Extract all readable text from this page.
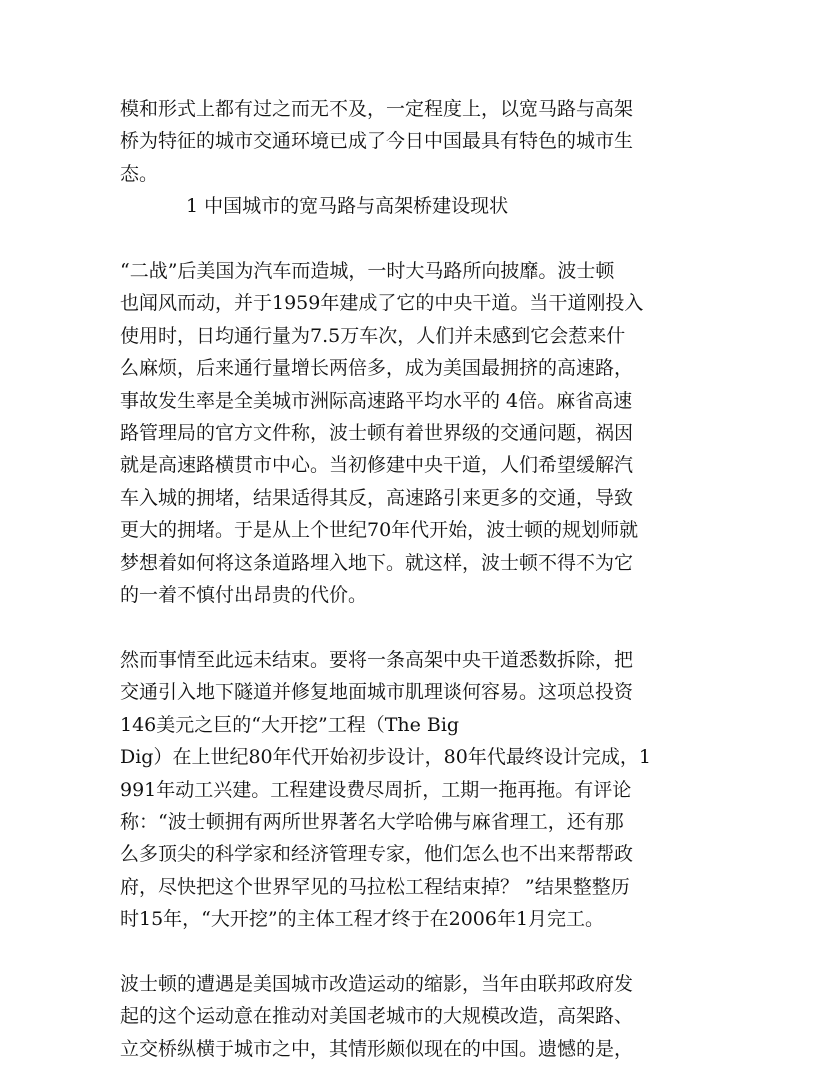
模和形式上都有过之而无不及，一定程度上，以宽马路与高架
桥为特征的城市交通环境已成了今日中国最具有特色的城市生
态。
1 中国城市的宽马路与高架桥建设现状
“二战”后美国为汽车而造城，一时大马路所向披靡。波士顿
也闻风而动，并于1959年建成了它的中央干道。当干道刚投入
使用时，日均通行量为7.5万车次，人们并未感到它会惹来什
么麻烦，后来通行量增长两倍多，成为美国最拥挤的高速路，
事故发生率是全美城市洲际高速路平均水平的 4倍。麻省高速
路管理局的官方文件称，波士顿有着世界级的交通问题，祸因
就是高速路横贯市中心。当初修建中央干道，人们希望缓解汽
车入城的拥堵，结果适得其反，高速路引来更多的交通，导致
更大的拥堵。于是从上个世纪70年代开始，波士顿的规划师就
梦想着如何将这条道路埋入地下。就这样，波士顿不得不为它
的一着不慎付出昂贵的代价。
然而事情至此远未结束。要将一条高架中央干道悉数拆除，把
交通引入地下隧道并修复地面城市肌理谈何容易。这项总投资
146美元之巨的“大开挖”工程（The Big
Dig）在上世纪80年代开始初步设计，80年代最终设计完成，1
991年动工兴建。工程建设费尽周折，工期一拖再拖。有评论
称：“波士顿拥有两所世界著名大学哈佛与麻省理工，还有那
么多顶尖的科学家和经济管理专家，他们怎么也不出来帮帮政
府，尽快把这个世界罕见的马拉松工程结束掉？ ”结果整整历
时15年，“大开挖”的主体工程才终于在2006年1月完工。
波士顿的遭遇是美国城市改造运动的缩影，当年由联邦政府发
起的这个运动意在推动对美国老城市的大规模改造，高架路、
立交桥纵横于城市之中，其情形颇似现在的中国。遗憾的是，
